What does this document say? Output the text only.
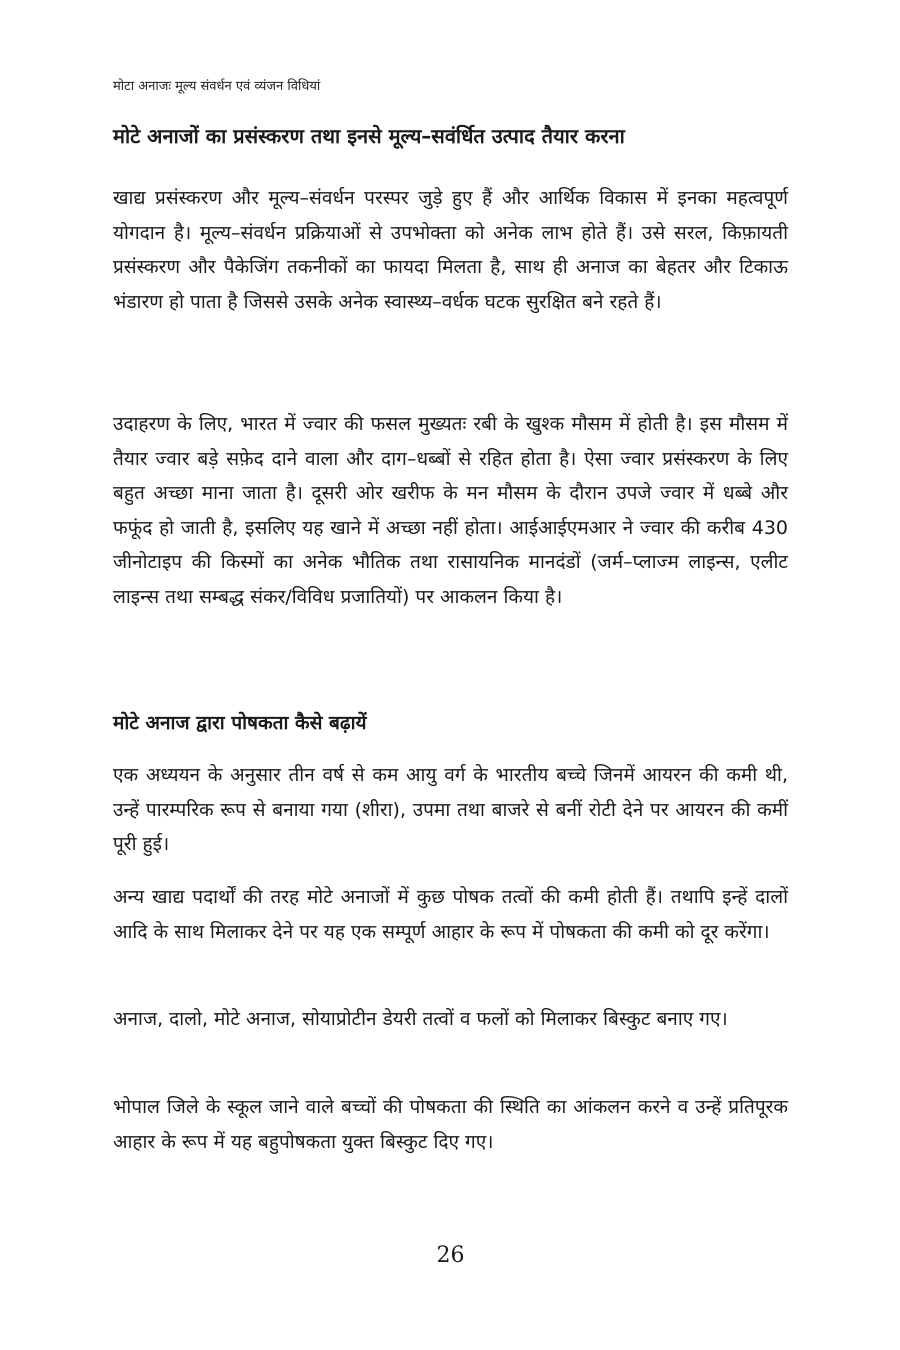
मोटा अनाजः मूल्य संवर्धन एवं व्यंजन विधियां
मोटे अनाजों का प्रसंस्करण तथा इनसे मूल्य–सवंर्धित उत्पाद तैयार करना

खाद्य प्रसंस्करण और मूल्य–संवर्धन परस्पर जुड़े हुए हैं और आर्थिक विकास में इनका महत्वपूर्ण योगदान है। मूल्य–संवर्धन प्रक्रियाओं से उपभोक्ता को अनेक लाभ होते हैं। उसे सरल, किफ़ायती प्रसंस्करण और पैकेजिंग तकनीकों का फायदा मिलता है, साथ ही अनाज का बेहतर और टिकाऊ भंडारण हो पाता है जिससे उसके अनेक स्वास्थ्य–वर्धक घटक सुरक्षित बने रहते हैं।

उदाहरण के लिए, भारत में ज्वार की फसल मुख्यतः रबी के खुश्क मौसम में होती है। इस मौसम में तैयार ज्वार बड़े सफ़ेद दाने वाला और दाग–धब्बों से रहित होता है। ऐसा ज्वार प्रसंस्करण के लिए बहुत अच्छा माना जाता है। दूसरी ओर खरीफ के मन मौसम के दौरान उपजे ज्वार में धब्बे और फफूंद हो जाती है, इसलिए यह खाने में अच्छा नहीं होता। आईआईएमआर ने ज्वार की करीब 430 जीनोटाइप की किस्मों का अनेक भौतिक तथा रासायनिक मानदंडों (जर्म–प्लाज्म लाइन्स, एलीट लाइन्स तथा सम्बद्ध संकर/विविध प्रजातियों) पर आकलन किया है।

मोटे अनाज द्वारा पोषकता कैसे बढ़ायें

एक अध्ययन के अनुसार तीन वर्ष से कम आयु वर्ग के भारतीय बच्चे जिनमें आयरन की कमी थी, उन्हें पारम्परिक रूप से बनाया गया (शीरा), उपमा तथा बाजरे से बनीं रोटी देने पर आयरन की कमीं पूरी हुई।

अन्य खाद्य पदार्थों की तरह मोटे अनाजों में कुछ पोषक तत्वों की कमी होती हैं। तथापि इन्हें दालों आदि के साथ मिलाकर देने पर यह एक सम्पूर्ण आहार के रूप में पोषकता की कमी को दूर करेंगा।

अनाज, दालो, मोटे अनाज, सोयाप्रोटीन डेयरी तत्वों व फलों को मिलाकर बिस्कुट बनाए गए।

भोपाल जिले के स्कूल जाने वाले बच्चों की पोषकता की स्थिति का आंकलन करने व उन्हें प्रतिपूरक आहार के रूप में यह बहुपोषकता युक्त बिस्कुट दिए गए।

26
